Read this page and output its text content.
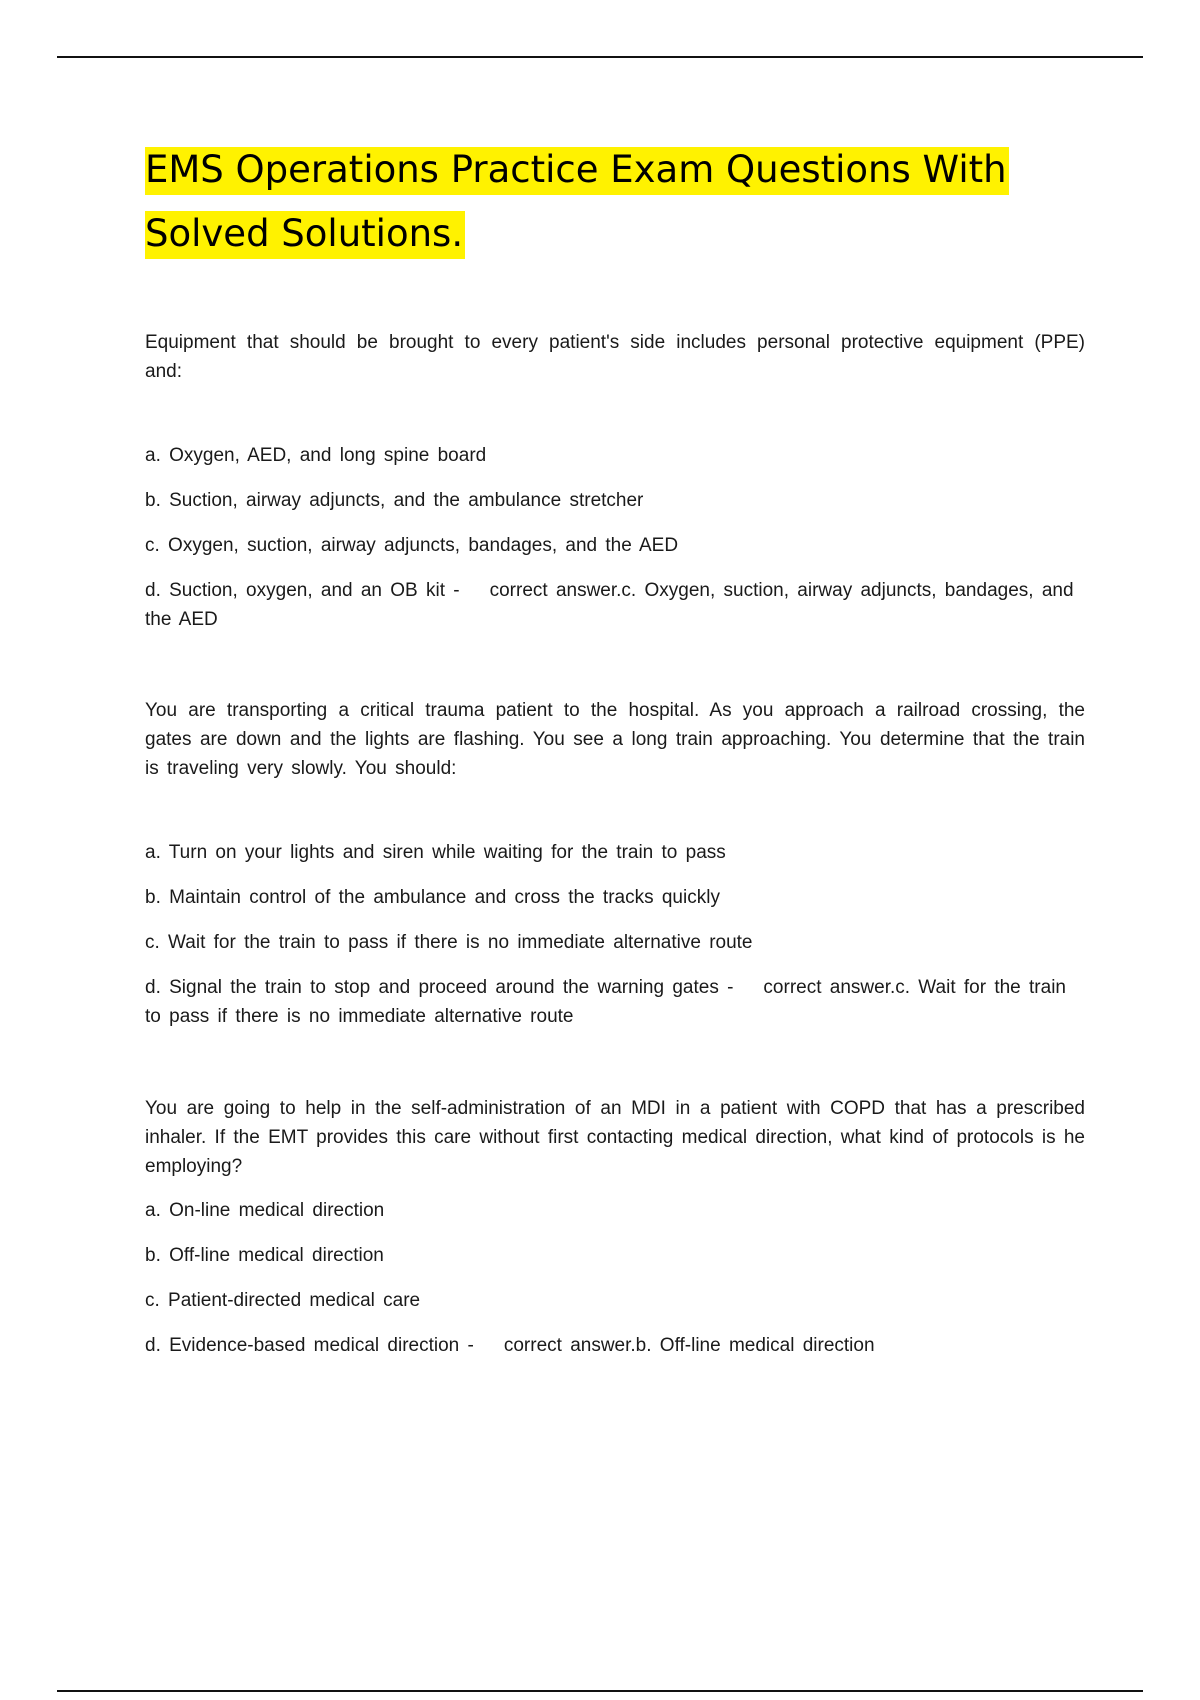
EMS Operations Practice Exam Questions With Solved Solutions.

Equipment that should be brought to every patient's side includes personal protective equipment (PPE) and:

a. Oxygen, AED, and long spine board
b. Suction, airway adjuncts, and the ambulance stretcher
c. Oxygen, suction, airway adjuncts, bandages, and the AED
d. Suction, oxygen, and an OB kit - correct answer.c. Oxygen, suction, airway adjuncts, bandages, and the AED

You are transporting a critical trauma patient to the hospital. As you approach a railroad crossing, the gates are down and the lights are flashing. You see a long train approaching. You determine that the train is traveling very slowly. You should:

a. Turn on your lights and siren while waiting for the train to pass
b. Maintain control of the ambulance and cross the tracks quickly
c. Wait for the train to pass if there is no immediate alternative route
d. Signal the train to stop and proceed around the warning gates - correct answer.c. Wait for the train to pass if there is no immediate alternative route

You are going to help in the self-administration of an MDI in a patient with COPD that has a prescribed inhaler. If the EMT provides this care without first contacting medical direction, what kind of protocols is he employing?

a. On-line medical direction
b. Off-line medical direction
c. Patient-directed medical care
d. Evidence-based medical direction - correct answer.b. Off-line medical direction
